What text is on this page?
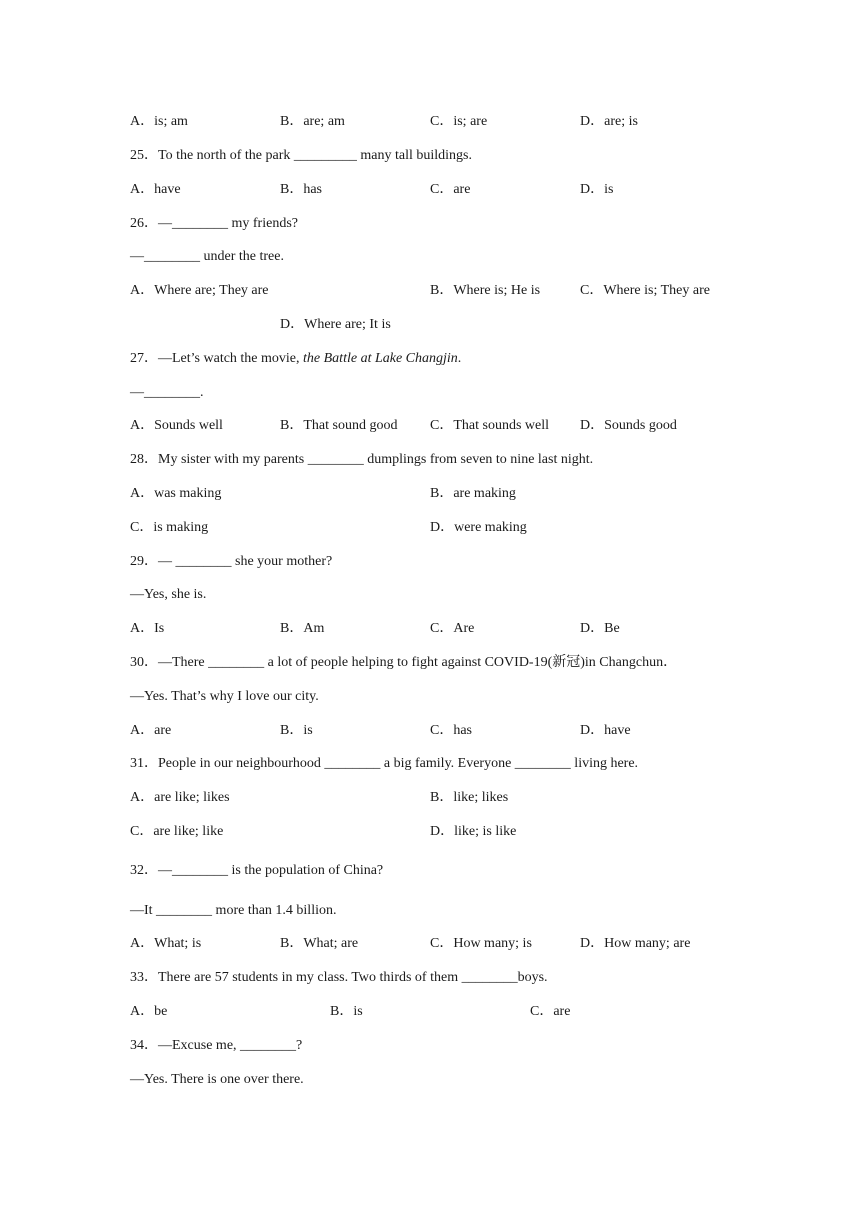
A．is; am	B．are; am	C．is; are	D．are; is
25．To the north of the park _________ many tall buildings.
A．have	B．has	C．are	D．is
26．—________ my friends?
—________ under the tree.
A．Where are; They are	B．Where is; He is	C．Where is; They are
D．Where are; It is
27．—Let’s watch the movie, the Battle at Lake Changjin.
—________.
A．Sounds well	B．That sound good C．That sounds well D．Sounds good
28．My sister with my parents ________ dumplings from seven to nine last night.
A．was making	B．are making
C．is making	D．were making
29．— ________ she your mother?
—Yes, she is.
A．Is	B．Am	C．Are	D．Be
30．—There ________ a lot of people helping to fight against COVID-19(新冠)in Changchun．
—Yes. That’s why I love our city.
A．are	B．is	C．has	D．have
31．People in our neighbourhood ________ a big family. Everyone ________ living here.
A．are like; likes	B．like; likes
C．are like; like	D．like; is like
32．—________ is the population of China?
—It ________ more than 1.4 billion.
A．What; is	B．What; are	C．How many; is	D．How many; are
33．There are 57 students in my class. Two thirds of them ________boys.
A．be	B．is	C．are
34．—Excuse me, ________?
—Yes. There is one over there.
